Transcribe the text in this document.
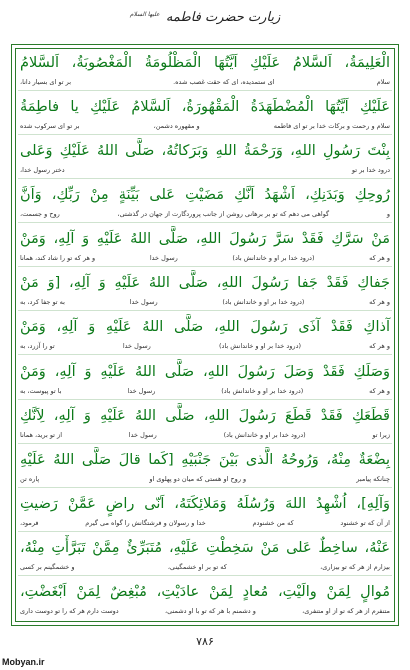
زیارت حضرت فاطمه $^{علیها السلام}$
الْعَلِيمَةُ، اَلسَّلامُ عَلَيْكِ اَيَّتُهَا الْمَظْلُومَةُ الْمَغْصُوبَةُ، اَلسَّلامُ
سلام
ای ستمدیده، ای که حقت غصب شده.
بر تو ای بسیار دانا،
عَلَيْكِ اَيَّتُهَا الْمُضْطَهَدَةُ الْمَقْهُورَةُ، اَلسَّلامُ عَلَيْكِ يا فاطِمَةُ
سلام و رحمت و برکات خدا بر تو ای فاطمه
و مقهوره دشمن،
بر تو ای سرکوب شده
بِنْتَ رَسُولِ اللهِ، وَرَحْمَةُ اللهِ وَبَرَكاتُهُ، صَلَّى اللهُ عَلَيْكِ وَعَلى
درود خدا بر تو
دختر رسول خدا،
رُوحِكِ وَبَدَنِكِ، اَشْهَدُ اَنَّكِ مَضَيْتِ عَلى بَيِّنَةٍ مِنْ رَبِّكِ، وَاَنَّ
و
گواهی می دهم که تو بر برهانی روشن از جانب پروردگارت از جهان در گذشتی،
روح و جسمت،
مَنْ سَرَّكِ فَقَدْ سَرَّ رَسُولَ اللهِ، صَلَّى اللهُ عَلَيْهِ وَ آلِهِ، وَمَنْ
و هر که
(درود خدا بر او و خاندانش باد)
رسول خدا
و هر که تو را شاد کند، همانا
جَفاكِ فَقَدْ جَفا رَسُولَ اللهِ، صَلَّى اللهُ عَلَيْهِ وَ آلِهِ، [وَ مَنْ
و هر که
(درود خدا بر او و خاندانش باد)
رسول خدا
به تو جفا کرد، به
آذاكِ فَقَدْ آذَى رَسُولَ اللهِ، صَلَّى اللهُ عَلَيْهِ وَ آلِهِ، وَمَنْ
و هر که
(درود خدا بر او و خاندانش باد)
رسول خدا
تو را آزرد، به
وَصَلَكِ فَقَدْ وَصَلَ رَسُولَ اللهِ، صَلَّى اللهُ عَلَيْهِ وَ آلِهِ، وَمَنْ
و هر که
(درود خدا بر او و خاندانش باد)
رسول خدا
با تو پیوست، به
قَطَعَكِ فَقَدْ قَطَعَ رَسُولَ اللهِ، صَلَّى اللهُ عَلَيْهِ وَ آلِهِ، لِاَنَّكِ
زیرا تو
(درود خدا بر او و خاندانش باد)
رسول خدا
از تو برید، همانا
بِضْعَةٌ مِنْهُ، وَرُوحُهُ الَّذى بَيْنَ جَنْبَيْهِ [كَما قالَ صَلَّى اللهُ عَلَيْهِ
چنانکه پیامبر
و روح او هستی که میان دو پهلوی او
پاره تن
وَآلِهِ]، اُشْهِدُ اللهَ وَرُسُلَهُ وَمَلائِكَتَهُ، اَنّى راضٍ عَمَّنْ رَضيتِ
از آن که تو خشنود
که من خشنودم
خدا و رسولان و فرشتگانش را گواه می گیرم
فرمود،
عَنْهُ، ساخِطٌ عَلى مَنْ سَخِطْتِ عَلَيْهِ، مُتَبَرِّئٌ مِمَّنْ تَبَرَّأْتِ مِنْهُ،
بیزارم از هر که تو بیزاری،
که تو بر او خشمگینی،
و خشمگینم بر کسی
مُوالٍ لِمَنْ والَيْتِ، مُعادٍ لِمَنْ عادَيْتِ، مُبْغِضٌ لِمَنْ اَبْغَضْتِ،
متنفرم از هر که تو از او متنفری،
و دشمنم با هر که تو با او دشمنی،
دوست دارم هر که را تو دوست داری
۷۸۶
Mobyan.ir
